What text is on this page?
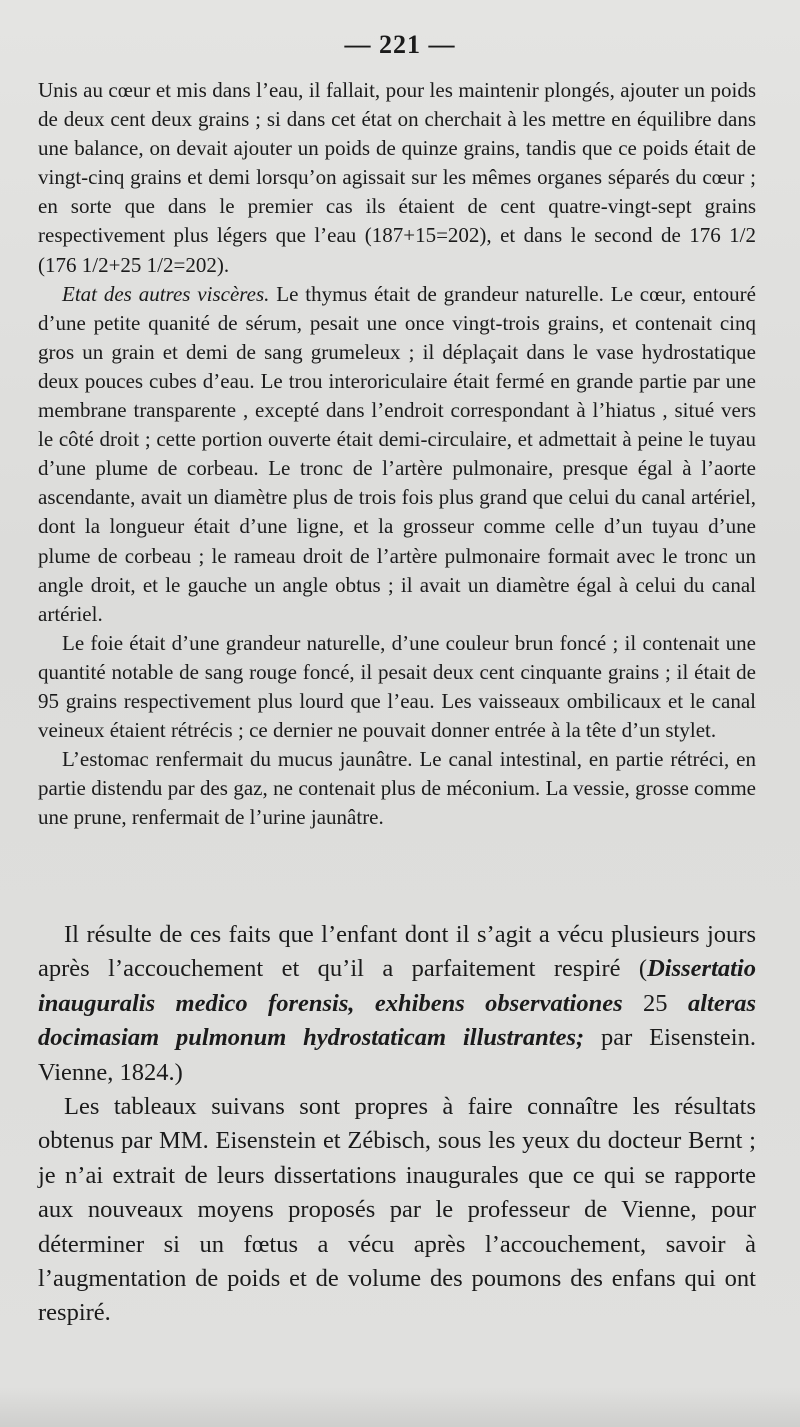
— 221 —

Unis au cœur et mis dans l’eau, il fallait, pour les maintenir plongés, ajouter un poids de deux cent deux grains ; si dans cet état on cherchait à les mettre en équilibre dans une balance, on devait ajouter un poids de quinze grains, tandis que ce poids était de vingt-cinq grains et demi lorsqu’on agissait sur les mêmes organes séparés du cœur ; en sorte que dans le premier cas ils étaient de cent quatre-vingt-sept grains respectivement plus légers que l’eau (187+15=202), et dans le second de 176 1/2 (176 1/2+25 1/2=202).

Etat des autres viscères. Le thymus était de grandeur naturelle. Le cœur, entouré d’une petite quanité de sérum, pesait une once vingt-trois grains, et contenait cinq gros un grain et demi de sang grumeleux ; il déplaçait dans le vase hydrostatique deux pouces cubes d’eau. Le trou interoriculaire était fermé en grande partie par une membrane transparente , excepté dans l’endroit correspondant à l’hiatus , situé vers le côté droit ; cette portion ouverte était demi-circulaire, et admettait à peine le tuyau d’une plume de corbeau. Le tronc de l’artère pulmonaire, presque égal à l’aorte ascendante, avait un diamètre plus de trois fois plus grand que celui du canal artériel, dont la longueur était d’une ligne, et la grosseur comme celle d’un tuyau d’une plume de corbeau ; le rameau droit de l’artère pulmonaire formait avec le tronc un angle droit, et le gauche un angle obtus ; il avait un diamètre égal à celui du canal artériel.

Le foie était d’une grandeur naturelle, d’une couleur brun foncé ; il contenait une quantité notable de sang rouge foncé, il pesait deux cent cinquante grains ; il était de 95 grains respectivement plus lourd que l’eau. Les vaisseaux ombilicaux et le canal veineux étaient rétrécis ; ce dernier ne pouvait donner entrée à la tête d’un stylet.

L’estomac renfermait du mucus jaunâtre. Le canal intestinal, en partie rétréci, en partie distendu par des gaz, ne contenait plus de méconium. La vessie, grosse comme une prune, renfermait de l’urine jaunâtre.

Il résulte de ces faits que l’enfant dont il s’agit a vécu plusieurs jours après l’accouchement et qu’il a parfaitement respiré (Dissertatio inauguralis medico forensis, exhibens observationes 25 alteras docimasiam pulmonum hydrostaticam illustrantes; par Eisenstein. Vienne, 1824.)

Les tableaux suivans sont propres à faire connaître les résultats obtenus par MM. Eisenstein et Zébisch, sous les yeux du docteur Bernt ; je n’ai extrait de leurs dissertations inaugurales que ce qui se rapporte aux nouveaux moyens proposés par le professeur de Vienne, pour déterminer si un fœtus a vécu après l’accouchement, savoir à l’augmentation de poids et de volume des poumons des enfans qui ont respiré.
